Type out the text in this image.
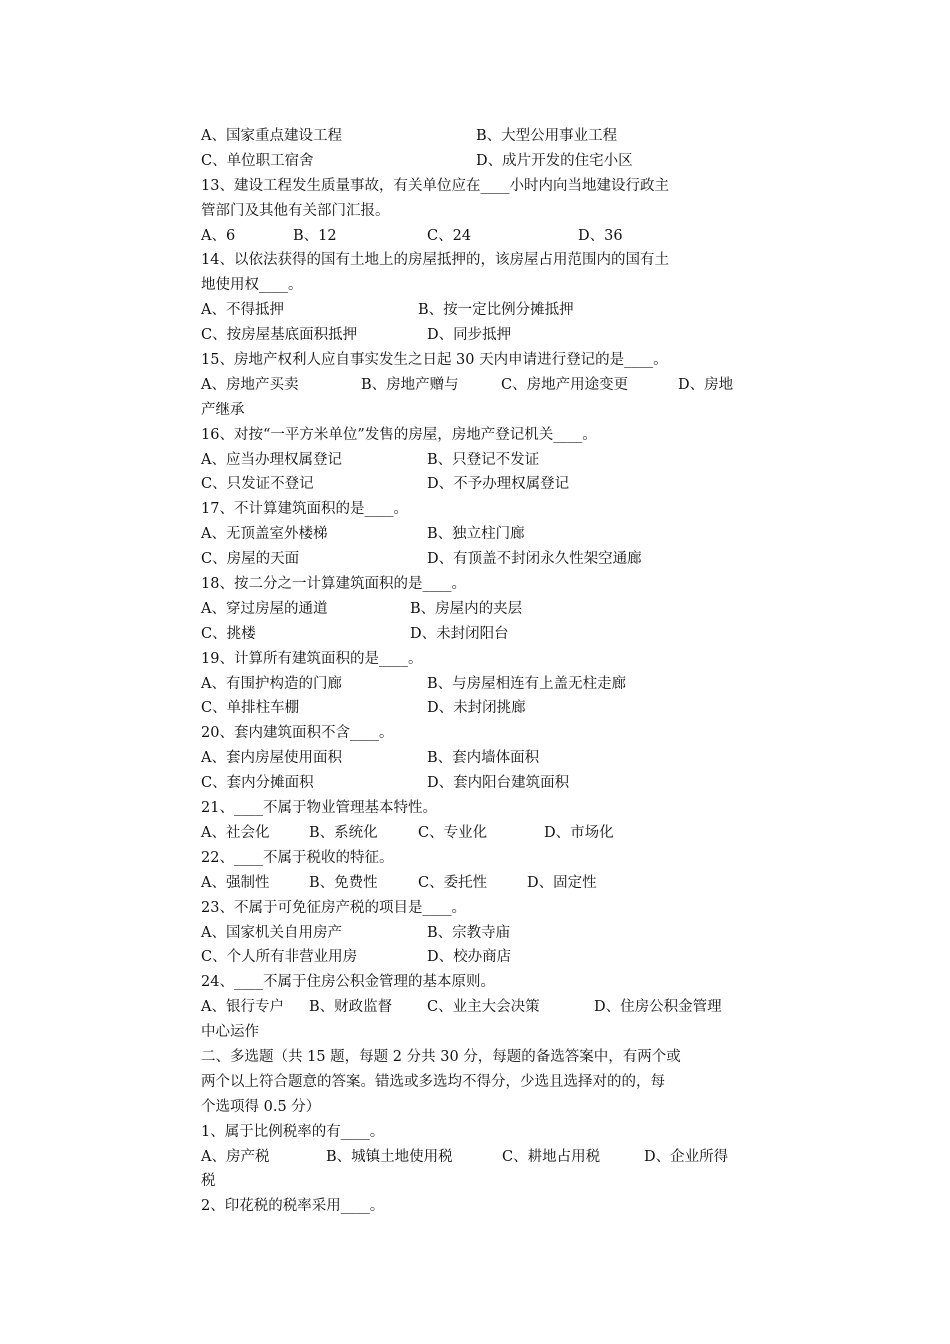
A、国家重点建设工程	B、大型公用事业工程
C、单位职工宿舍	D、成片开发的住宅小区
13、建设工程发生质量事故，有关单位应在____小时内向当地建设行政主
管部门及其他有关部门汇报。
A、6	B、12	C、24	D、36
14、以依法获得的国有土地上的房屋抵押的，该房屋占用范围内的国有土
地使用权____。
A、不得抵押	B、按一定比例分摊抵押
C、按房屋基底面积抵押	D、同步抵押
15、房地产权利人应自事实发生之日起 30 天内申请进行登记的是____。
A、房地产买卖	B、房地产赠与	C、房地产用途变更	D、房地
产继承
16、对按“一平方米单位”发售的房屋，房地产登记机关____。
A、应当办理权属登记	B、只登记不发证
C、只发证不登记	D、不予办理权属登记
17、不计算建筑面积的是____。
A、无顶盖室外楼梯	B、独立柱门廊
C、房屋的天面	D、有顶盖不封闭永久性架空通廊
18、按二分之一计算建筑面积的是____。
A、穿过房屋的通道	B、房屋内的夹层
C、挑楼	D、未封闭阳台
19、计算所有建筑面积的是____。
A、有围护构造的门廊	B、与房屋相连有上盖无柱走廊
C、单排柱车棚	D、未封闭挑廊
20、套内建筑面积不含____。
A、套内房屋使用面积	B、套内墙体面积
C、套内分摊面积	D、套内阳台建筑面积
21、____不属于物业管理基本特性。
A、社会化	B、系统化	C、专业化	D、市场化
22、____不属于税收的特征。
A、强制性	B、免费性	C、委托性	D、固定性
23、不属于可免征房产税的项目是____。
A、国家机关自用房产	B、宗教寺庙
C、个人所有非营业用房	D、校办商店
24、____不属于住房公积金管理的基本原则。
A、银行专户 B、财政监督 C、业主大会决策	D、住房公积金管理
中心运作
二、多选题（共 15 题，每题 2 分共 30 分，每题的备选答案中，有两个或
两个以上符合题意的答案。错选或多选均不得分，少选且选择对的的，每
个选项得 0.5 分）
1、属于比例税率的有____。
A、房产税	B、城镇土地使用税	C、耕地占用税	D、企业所得
税
2、印花税的税率采用____。
